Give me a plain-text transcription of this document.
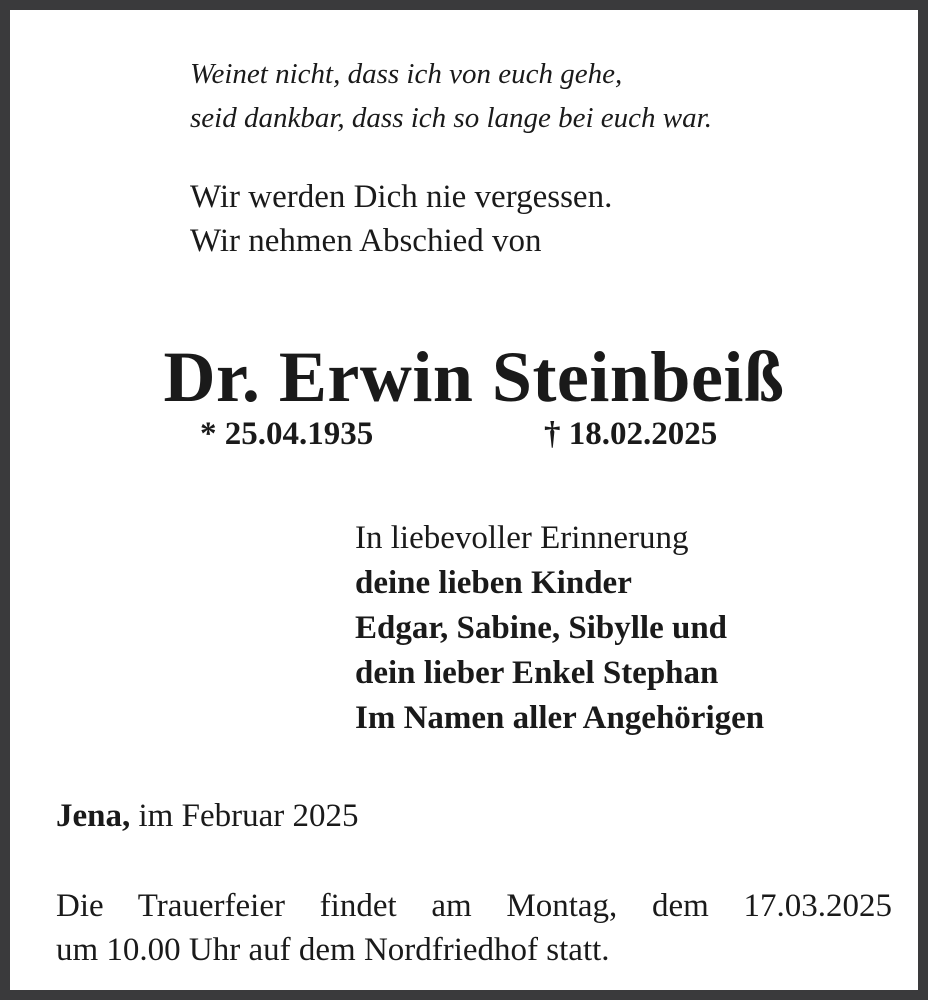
Weinet nicht, dass ich von euch gehe,
seid dankbar, dass ich so lange bei euch war.
Wir werden Dich nie vergessen.
Wir nehmen Abschied von
Dr. Erwin Steinbeiß
* 25.04.1935	† 18.02.2025
In liebevoller Erinnerung
deine lieben Kinder
Edgar, Sabine, Sibylle und
dein lieber Enkel Stephan
Im Namen aller Angehörigen
Jena, im Februar 2025
Die Trauerfeier findet am Montag, dem 17.03.2025
um 10.00 Uhr auf dem Nordfriedhof statt.
